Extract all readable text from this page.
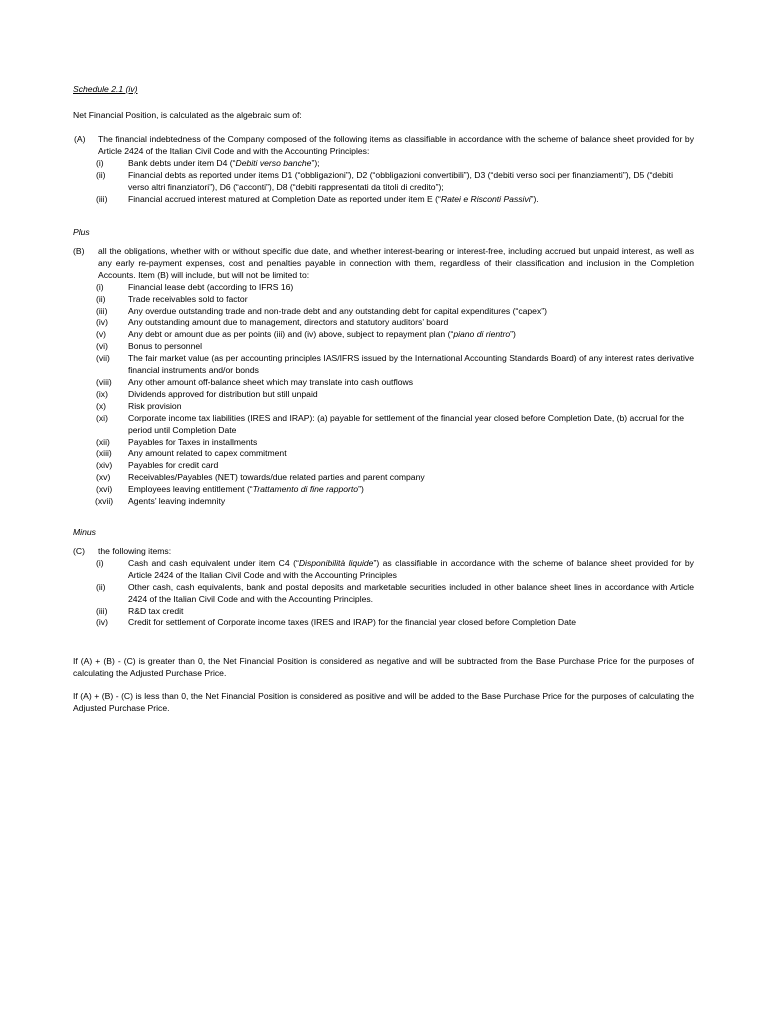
Schedule 2.1 (iv)
Net Financial Position, is calculated as the algebraic sum of:
(A)	The financial indebtedness of the Company composed of the following items as classifiable in accordance with the scheme of balance sheet provided for by Article 2424 of the Italian Civil Code and with the Accounting Principles:
(i)	Bank debts under item D4 (“Debiti verso banche”);
(ii)	Financial debts as reported under items D1 (“obbligazioni”), D2 (“obbligazioni convertibili”), D3 (“debiti verso soci per finanziamenti”), D5 (“debiti verso altri finanziatori”), D6 (“acconti”), D8 (“debiti rappresentati da titoli di credito”);
(iii) Financial accrued interest matured at Completion Date as reported under item E (“Ratei e Risconti Passivi”).
Plus
(B)	all the obligations, whether with or without specific due date, and whether interest-bearing or interest-free, including accrued but unpaid interest, as well as any early re-payment expenses, cost and penalties payable in connection with them, regardless of their classification and inclusion in the Completion Accounts. Item (B) will include, but will not be limited to:
(i)	Financial lease debt (according to IFRS 16)
(ii)	Trade receivables sold to factor
(iii) Any overdue outstanding trade and non-trade debt and any outstanding debt for capital expenditures (“capex”)
(iv) Any outstanding amount due to management, directors and statutory auditors’ board
(v)	Any debt or amount due as per points (iii) and (iv) above, subject to repayment plan (“piano di rientro”)
(vi) Bonus to personnel
(vii) The fair market value (as per accounting principles IAS/IFRS issued by the International Accounting Standards Board) of any interest rates derivative financial instruments and/or bonds
(viii) Any other amount off-balance sheet which may translate into cash outflows
(ix) Dividends approved for distribution but still unpaid
(x)	Risk provision
(xi) Corporate income tax liabilities (IRES and IRAP): (a) payable for settlement of the financial year closed before Completion Date, (b) accrual for the period until Completion Date
(xii) Payables for Taxes in installments
(xiii) Any amount related to capex commitment
(xiv) Payables for credit card
(xv) Receivables/Payables (NET) towards/due related parties and parent company
(xvi) Employees leaving entitlement (“Trattamento di fine rapporto”)
(xvii) Agents’ leaving indemnity
Minus
(C)	the following items:
(i)	Cash and cash equivalent under item C4 (“Disponibilità liquide”) as classifiable in accordance with the scheme of balance sheet provided for by Article 2424 of the Italian Civil Code and with the Accounting Principles
(ii)	Other cash, cash equivalents, bank and postal deposits and marketable securities included in other balance sheet lines in accordance with Article 2424 of the Italian Civil Code and with the Accounting Principles.
(iii) R&D tax credit
(iv) Credit for settlement of Corporate income taxes (IRES and IRAP) for the financial year closed before Completion Date
If (A) + (B) - (C) is greater than 0, the Net Financial Position is considered as negative and will be subtracted from the Base Purchase Price for the purposes of calculating the Adjusted Purchase Price.
If (A) + (B) - (C) is less than 0, the Net Financial Position is considered as positive and will be added to the Base Purchase Price for the purposes of calculating the Adjusted Purchase Price.
